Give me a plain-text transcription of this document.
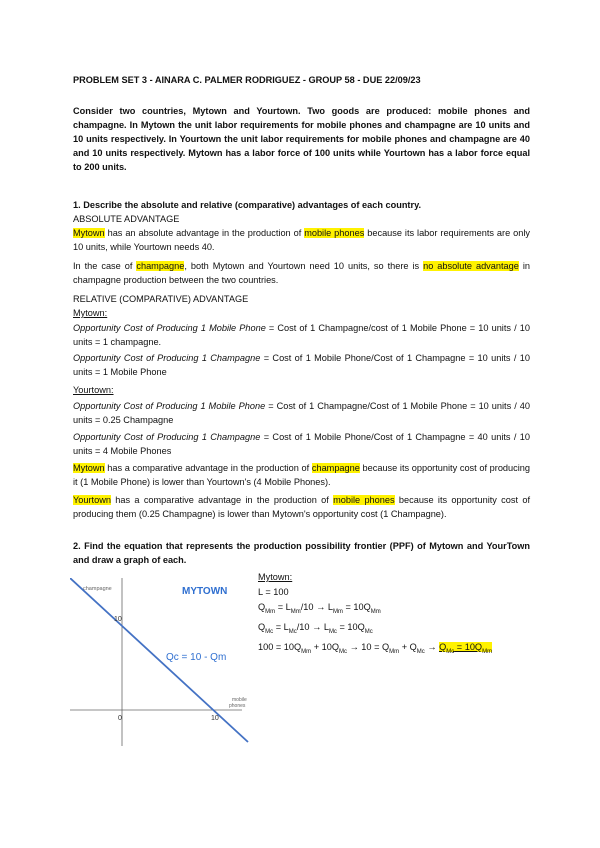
PROBLEM SET 3 - AINARA C. PALMER RODRIGUEZ - GROUP 58 - DUE 22/09/23
Consider two countries, Mytown and Yourtown. Two goods are produced: mobile phones and champagne. In Mytown the unit labor requirements for mobile phones and champagne are 10 units and 10 units respectively. In Yourtown the unit labor requirements for mobile phones and champagne are 40 and 10 units respectively. Mytown has a labor force of 100 units while Yourtown has a labor force equal to 200 units.
1. Describe the absolute and relative (comparative) advantages of each country.
ABSOLUTE ADVANTAGE
Mytown has an absolute advantage in the production of mobile phones because its labor requirements are only 10 units, while Yourtown needs 40.
In the case of champagne, both Mytown and Yourtown need 10 units, so there is no absolute advantage in champagne production between the two countries.
RELATIVE (COMPARATIVE) ADVANTAGE
Mytown:
Opportunity Cost of Producing 1 Mobile Phone = Cost of 1 Champagne/cost of 1 Mobile Phone = 10 units / 10 units = 1 champagne.
Opportunity Cost of Producing 1 Champagne = Cost of 1 Mobile Phone/Cost of 1 Champagne = 10 units / 10 units = 1 Mobile Phone
Yourtown:
Opportunity Cost of Producing 1 Mobile Phone = Cost of 1 Champagne/Cost of 1 Mobile Phone = 10 units / 40 units = 0.25 Champagne
Opportunity Cost of Producing 1 Champagne = Cost of 1 Mobile Phone/Cost of 1 Champagne = 40 units / 10 units = 4 Mobile Phones
Mytown has a comparative advantage in the production of champagne because its opportunity cost of producing it (1 Mobile Phone) is lower than Yourtown's (4 Mobile Phones).
Yourtown has a comparative advantage in the production of mobile phones because its opportunity cost of producing them (0.25 Champagne) is lower than Mytown's opportunity cost (1 Champagne).
2. Find the equation that represents the production possibility frontier (PPF) of Mytown and YourTown and draw a graph of each.
champagne	MYTOWN
10
Qc = 10 - Qm
mobile
phones
0	10
Mytown:
L = 100
$Q_{Mm} = L_{Mm}/10 \to L_{Mm} = 10Q_{Mm}$
$Q_{Mc} = L_{Mc}/10 \to L_{Mc} = 10Q_{Mc}$
$100 = 10Q_{Mm} + 10Q_{Mc} \to 10 = Q_{Mm} + Q_{Mc} \to Q_{Mc} = 10Q_{Mm}$
